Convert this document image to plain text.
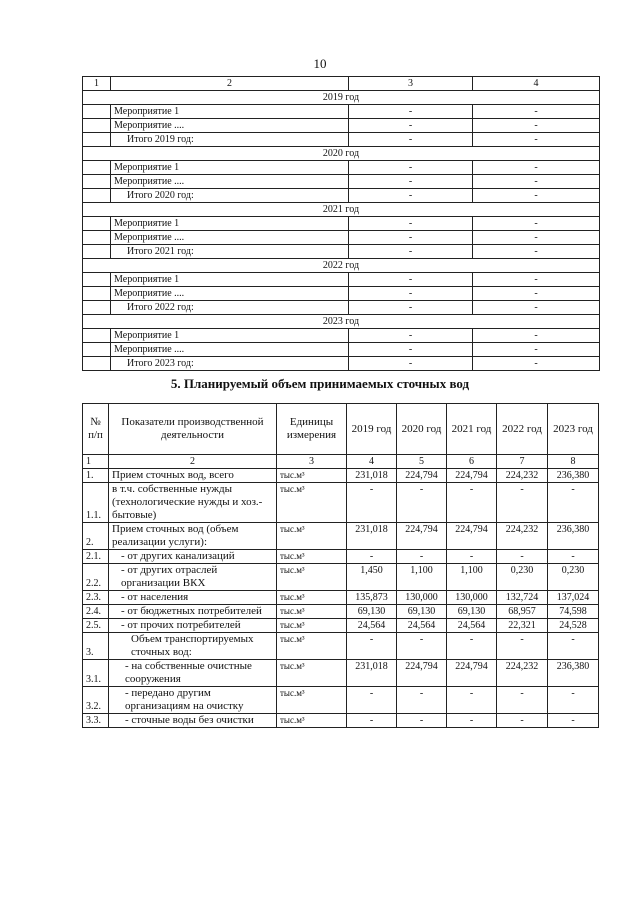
10
1	2	3	4
2019 год			
	Мероприятие 1	-	-
	Мероприятие ....	-	-
	Итого 2019 год:	-	-
2020 год			
	Мероприятие 1	-	-
	Мероприятие ....	-	-
	Итого 2020 год:	-	-
2021 год			
	Мероприятие 1	-	-
	Мероприятие ....	-	-
	Итого 2021 год:	-	-
2022 год			
	Мероприятие 1	-	-
	Мероприятие ....	-	-
	Итого 2022 год:	-	-
2023 год			
	Мероприятие 1	-	-
	Мероприятие ....	-	-
	Итого 2023 год:	-	-
5. Планируемый объем принимаемых сточных вод
№ п/п	Показатели производственной деятельности	Единицы измерения	2019 год	2020 год	2021 год	2022 год	2023 год
1	2	3	4	5	6	7	8
1.	Прием сточных вод, всего	тыс.м³	231,018	224,794	224,794	224,232	236,380
1.1.	в т.ч. собственные нужды (технологические нужды и хоз.-бытовые)	тыс.м³	-	-	-	-	-
2.	Прием сточных вод (объем реализации услуги):	тыс.м³	231,018	224,794	224,794	224,232	236,380
2.1.	- от других канализаций	тыс.м³	-	-	-	-	-
2.2.	- от других отраслей организации ВКХ	тыс.м³	1,450	1,100	1,100	0,230	0,230
2.3.	- от населения	тыс.м³	135,873	130,000	130,000	132,724	137,024
2.4.	- от бюджетных потребителей	тыс.м³	69,130	69,130	69,130	68,957	74,598
2.5.	- от прочих потребителей	тыс.м³	24,564	24,564	24,564	22,321	24,528
3.	Объем транспортируемых сточных вод:	тыс.м³	-	-	-	-	-
3.1.	- на собственные очистные сооружения	тыс.м³	231,018	224,794	224,794	224,232	236,380
3.2.	- передано другим организациям на очистку	тыс.м³	-	-	-	-	-
3.3.	- сточные воды без очистки	тыс.м³	-	-	-	-	-
